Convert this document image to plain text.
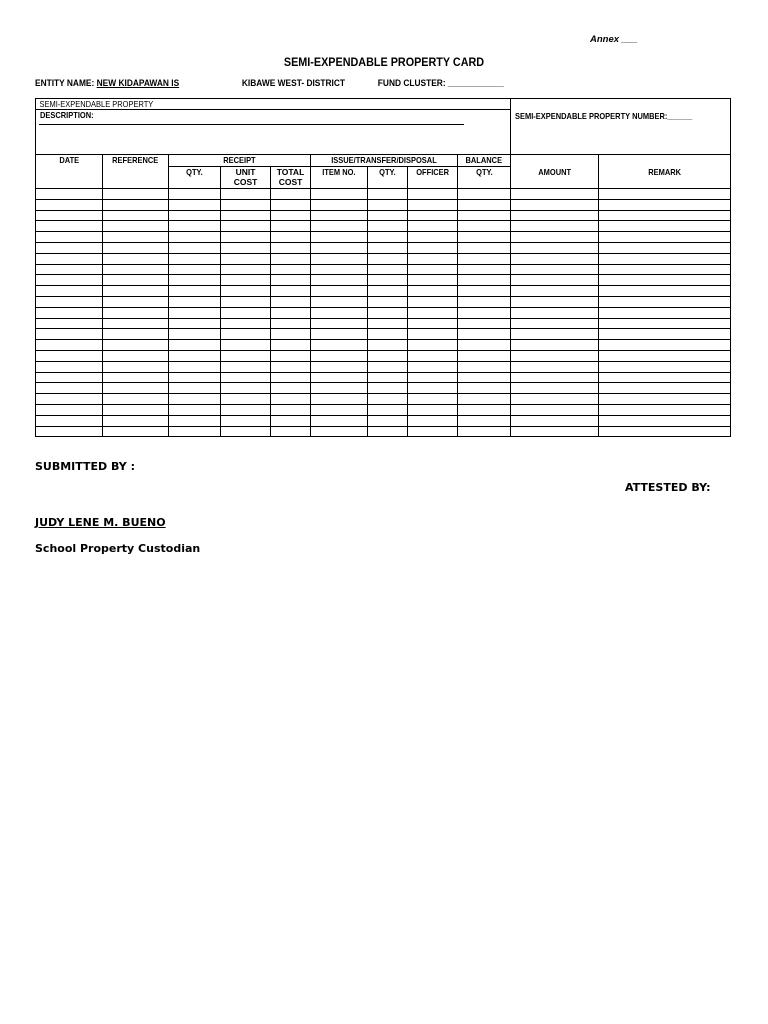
Annex ___
SEMI-EXPENDABLE PROPERTY CARD
ENTITY NAME: NEW KIDAPAWAN IS	KIBAWE WEST- DISTRICT	FUND CLUSTER: ____________
SEMI-EXPENDABLE PROPERTY									SEMI-EXPENDABLE PROPERTY NUMBER:______	

DESCRIPTION:										

DATE	REFERENCE	RECEIPT			ISSUE/TRANSFER/DISPOSAL			BALANCE	AMOUNT	REMARK
		QTY.	UNIT COST	TOTAL COST	ITEM NO.	QTY.	OFFICER	QTY.		

SUBMITTED BY :
ATTESTED BY:
JUDY LENE M. BUENO
School Property Custodian
